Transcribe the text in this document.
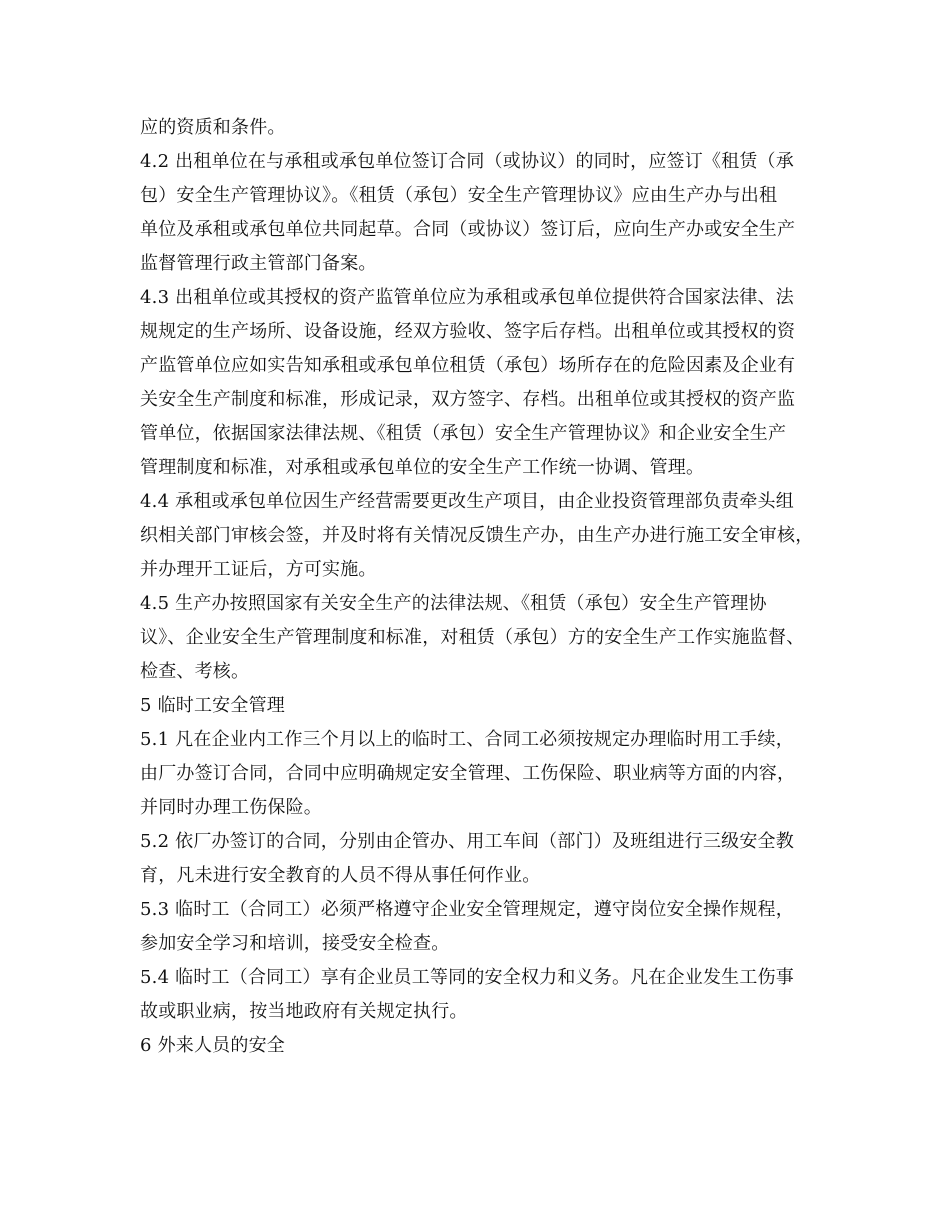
应的资质和条件。
4.2 出租单位在与承租或承包单位签订合同（或协议）的同时，应签订《租赁（承
包）安全生产管理协议》。《租赁（承包）安全生产管理协议》应由生产办与出租
单位及承租或承包单位共同起草。合同（或协议）签订后，应向生产办或安全生产
监督管理行政主管部门备案。
4.3 出租单位或其授权的资产监管单位应为承租或承包单位提供符合国家法律、法
规规定的生产场所、设备设施，经双方验收、签字后存档。出租单位或其授权的资
产监管单位应如实告知承租或承包单位租赁（承包）场所存在的危险因素及企业有
关安全生产制度和标准，形成记录，双方签字、存档。出租单位或其授权的资产监
管单位，依据国家法律法规、《租赁（承包）安全生产管理协议》和企业安全生产
管理制度和标准，对承租或承包单位的安全生产工作统一协调、管理。
4.4 承租或承包单位因生产经营需要更改生产项目，由企业投资管理部负责牵头组
织相关部门审核会签，并及时将有关情况反馈生产办，由生产办进行施工安全审核，
并办理开工证后，方可实施。
4.5 生产办按照国家有关安全生产的法律法规、《租赁（承包）安全生产管理协
议》、企业安全生产管理制度和标准，对租赁（承包）方的安全生产工作实施监督、
检查、考核。
5 临时工安全管理
5.1 凡在企业内工作三个月以上的临时工、合同工必须按规定办理临时用工手续，
由厂办签订合同，合同中应明确规定安全管理、工伤保险、职业病等方面的内容，
并同时办理工伤保险。
5.2 依厂办签订的合同，分别由企管办、用工车间（部门）及班组进行三级安全教
育，凡未进行安全教育的人员不得从事任何作业。
5.3 临时工（合同工）必须严格遵守企业安全管理规定，遵守岗位安全操作规程，
参加安全学习和培训，接受安全检查。
5.4 临时工（合同工）享有企业员工等同的安全权力和义务。凡在企业发生工伤事
故或职业病，按当地政府有关规定执行。
6 外来人员的安全
